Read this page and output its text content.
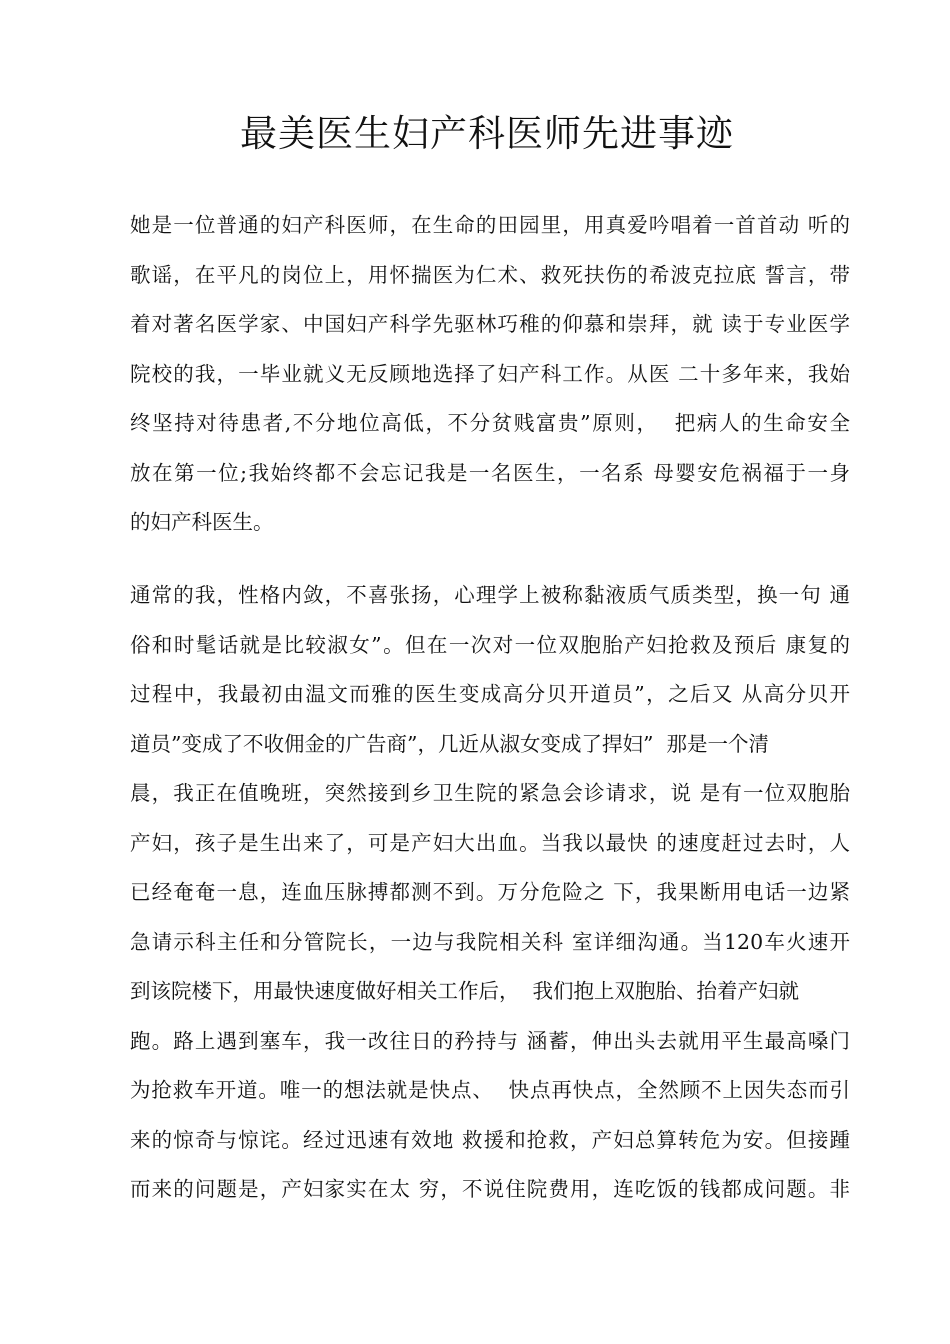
最美医生妇产科医师先进事迹
她是一位普通的妇产科医师，在生命的田园里，用真爱吟唱着一首首动 听的
歌谣，在平凡的岗位上，用怀揣医为仁术、救死扶伤的希波克拉底 誓言，带
着对著名医学家、中国妇产科学先驱林巧稚的仰慕和崇拜，就 读于专业医学
院校的我，一毕业就义无反顾地选择了妇产科工作。从医 二十多年来，我始
终坚持对待患者,不分地位高低，不分贫贱富贵”原则，  把病人的生命安全
放在第一位;我始终都不会忘记我是一名医生，一名系 母婴安危祸福于一身
的妇产科医生。
通常的我，性格内敛，不喜张扬，心理学上被称黏液质气质类型，换一句 通
俗和时髦话就是比较淑女”。但在一次对一位双胞胎产妇抢救及预后 康复的
过程中，我最初由温文而雅的医生变成高分贝开道员”，之后又 从高分贝开
道员”变成了不收佣金的广告商”，几近从淑女变成了捍妇”  那是一个清
晨，我正在值晚班，突然接到乡卫生院的紧急会诊请求，说 是有一位双胞胎
产妇，孩子是生出来了，可是产妇大出血。当我以最快 的速度赶过去时，人
已经奄奄一息，连血压脉搏都测不到。万分危险之 下，我果断用电话一边紧
急请示科主任和分管院长，一边与我院相关科 室详细沟通。当120车火速开
到该院楼下，用最快速度做好相关工作后，  我们抱上双胞胎、抬着产妇就
跑。路上遇到塞车，我一改往日的矜持与 涵蓄，伸出头去就用平生最高嗓门
为抢救车开道。唯一的想法就是快点、  快点再快点，全然顾不上因失态而引
来的惊奇与惊诧。经过迅速有效地 救援和抢救，产妇总算转危为安。但接踵
而来的问题是，产妇家实在太 穷，不说住院费用，连吃饭的钱都成问题。非
